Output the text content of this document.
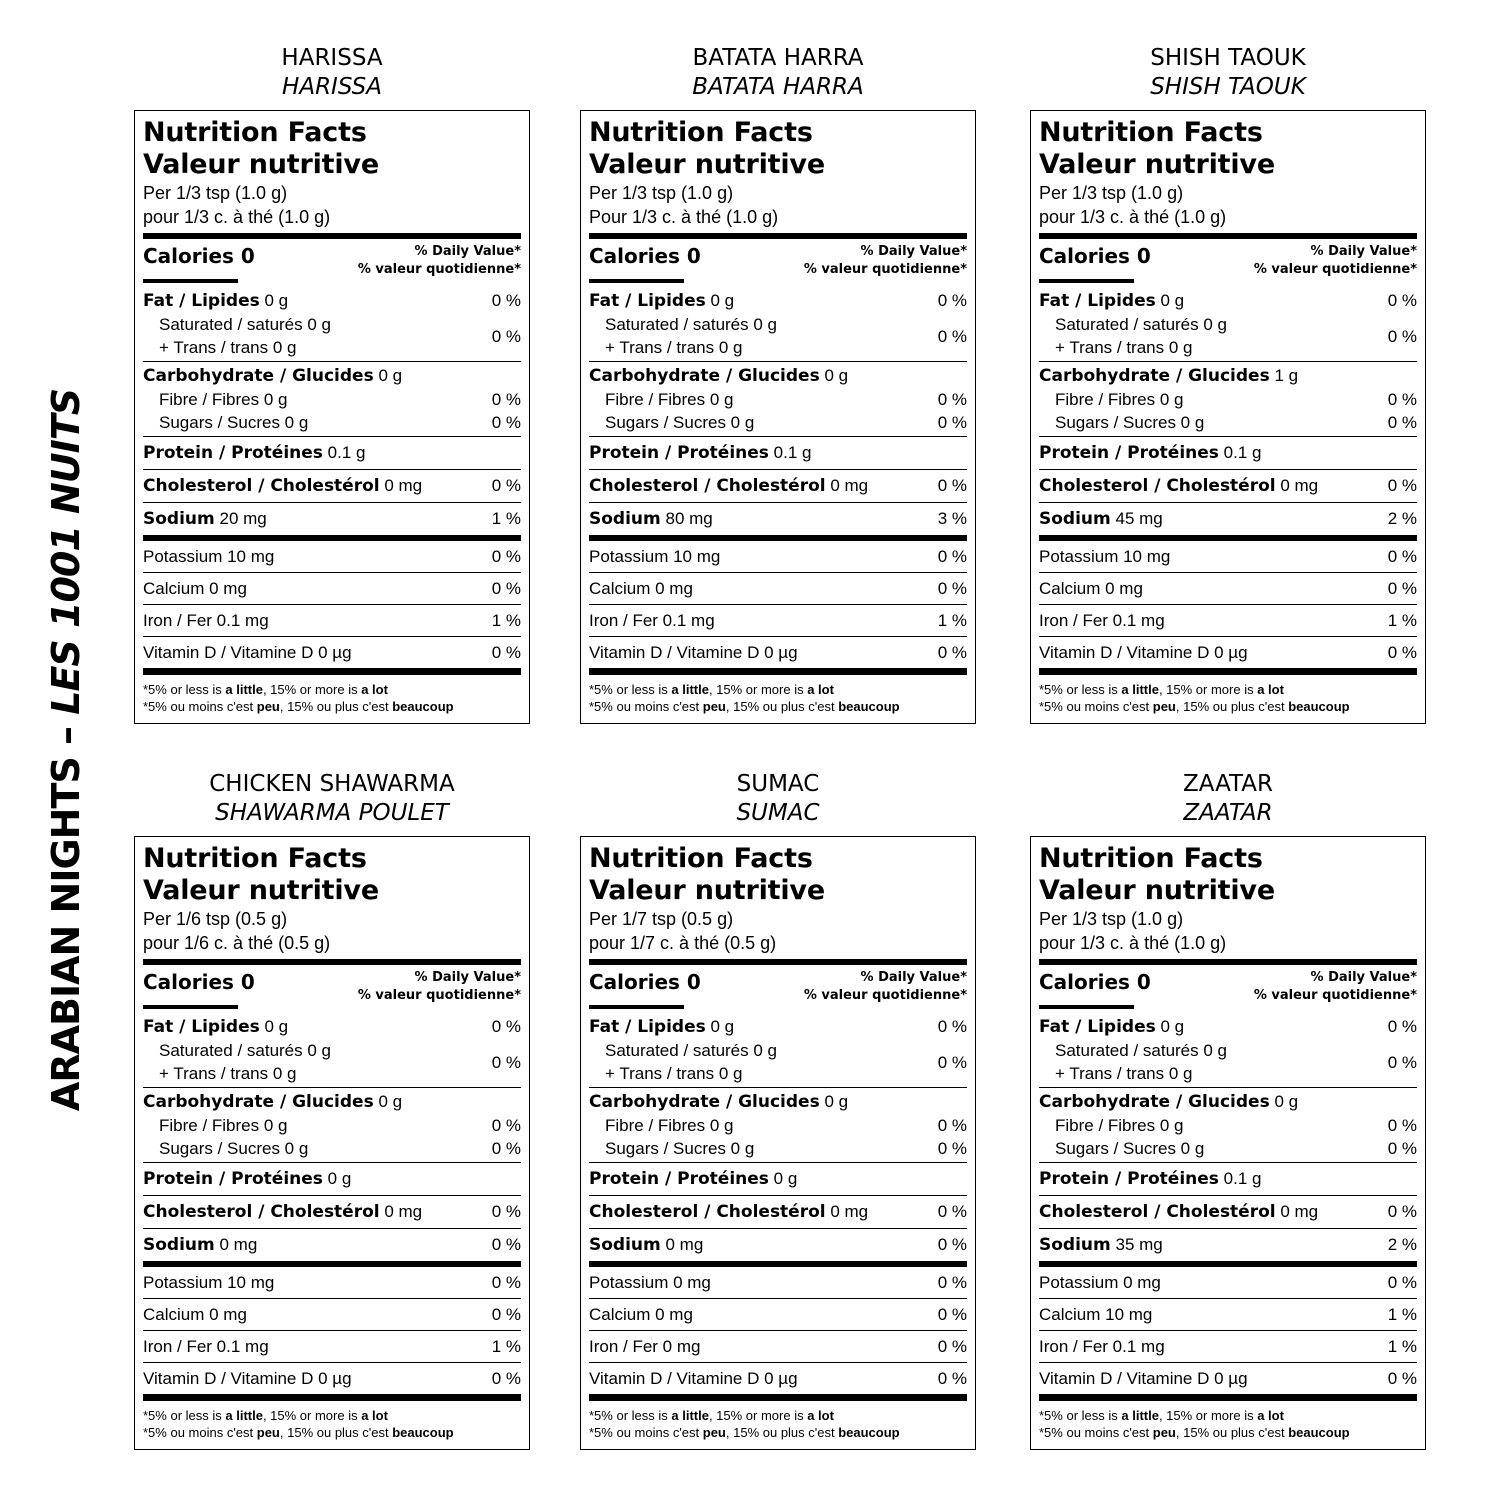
ARABIAN NIGHTS – LES 1001 NUITS
HARISSA
HARISSA
Nutrition Facts
Valeur nutritive
Per 1/3 tsp (1.0 g)
pour 1/3 c. à thé (1.0 g)
Calories 0	% Daily Value*
% valeur quotidienne*
Fat / Lipides 0 g	0 %
Saturated / saturés 0 g
+ Trans / trans 0 g
0 %
Carbohydrate / Glucides 0 g
Fibre / Fibres 0 g	0 %
Sugars / Sucres 0 g	0 %
Protein / Protéines 0.1 g
Cholesterol / Cholestérol 0 mg	0 %
Sodium 20 mg	1 %
Potassium 10 mg	0 %
Calcium 0 mg	0 %
Iron / Fer 0.1 mg	1 %
Vitamin D / Vitamine D 0 µg	0 %
*5% or less is a little, 15% or more is a lot
*5% ou moins c'est peu, 15% ou plus c'est beaucoup
BATATA HARRA
BATATA HARRA
Nutrition Facts
Valeur nutritive
Per 1/3 tsp (1.0 g)
Pour 1/3 c. à thé (1.0 g)
Calories 0	% Daily Value*
% valeur quotidienne*
Fat / Lipides 0 g	0 %
Saturated / saturés 0 g
+ Trans / trans 0 g
0 %
Carbohydrate / Glucides 0 g
Fibre / Fibres 0 g	0 %
Sugars / Sucres 0 g	0 %
Protein / Protéines 0.1 g
Cholesterol / Cholestérol 0 mg	0 %
Sodium 80 mg	3 %
Potassium 10 mg	0 %
Calcium 0 mg	0 %
Iron / Fer 0.1 mg	1 %
Vitamin D / Vitamine D 0 µg	0 %
*5% or less is a little, 15% or more is a lot
*5% ou moins c'est peu, 15% ou plus c'est beaucoup
SHISH TAOUK
SHISH TAOUK
Nutrition Facts
Valeur nutritive
Per 1/3 tsp (1.0 g)
pour 1/3 c. à thé (1.0 g)
Calories 0	% Daily Value*
% valeur quotidienne*
Fat / Lipides 0 g	0 %
Saturated / saturés 0 g
+ Trans / trans 0 g
0 %
Carbohydrate / Glucides 1 g
Fibre / Fibres 0 g	0 %
Sugars / Sucres 0 g	0 %
Protein / Protéines 0.1 g
Cholesterol / Cholestérol 0 mg	0 %
Sodium 45 mg	2 %
Potassium 10 mg	0 %
Calcium 0 mg	0 %
Iron / Fer 0.1 mg	1 %
Vitamin D / Vitamine D 0 µg	0 %
*5% or less is a little, 15% or more is a lot
*5% ou moins c'est peu, 15% ou plus c'est beaucoup
CHICKEN SHAWARMA
SHAWARMA POULET
Nutrition Facts
Valeur nutritive
Per 1/6 tsp (0.5 g)
pour 1/6 c. à thé (0.5 g)
Calories 0	% Daily Value*
% valeur quotidienne*
Fat / Lipides 0 g	0 %
Saturated / saturés 0 g
+ Trans / trans 0 g
0 %
Carbohydrate / Glucides 0 g
Fibre / Fibres 0 g	0 %
Sugars / Sucres 0 g	0 %
Protein / Protéines 0 g
Cholesterol / Cholestérol 0 mg	0 %
Sodium 0 mg	0 %
Potassium 10 mg	0 %
Calcium 0 mg	0 %
Iron / Fer 0.1 mg	1 %
Vitamin D / Vitamine D 0 µg	0 %
*5% or less is a little, 15% or more is a lot
*5% ou moins c'est peu, 15% ou plus c'est beaucoup
SUMAC
SUMAC
Nutrition Facts
Valeur nutritive
Per 1/7 tsp (0.5 g)
pour 1/7 c. à thé (0.5 g)
Calories 0	% Daily Value*
% valeur quotidienne*
Fat / Lipides 0 g	0 %
Saturated / saturés 0 g
+ Trans / trans 0 g
0 %
Carbohydrate / Glucides 0 g
Fibre / Fibres 0 g	0 %
Sugars / Sucres 0 g	0 %
Protein / Protéines 0 g
Cholesterol / Cholestérol 0 mg	0 %
Sodium 0 mg	0 %
Potassium 0 mg	0 %
Calcium 0 mg	0 %
Iron / Fer 0 mg	0 %
Vitamin D / Vitamine D 0 µg	0 %
*5% or less is a little, 15% or more is a lot
*5% ou moins c'est peu, 15% ou plus c'est beaucoup
ZAATAR
ZAATAR
Nutrition Facts
Valeur nutritive
Per 1/3 tsp (1.0 g)
pour 1/3 c. à thé (1.0 g)
Calories 0	% Daily Value*
% valeur quotidienne*
Fat / Lipides 0 g	0 %
Saturated / saturés 0 g
+ Trans / trans 0 g
0 %
Carbohydrate / Glucides 0 g
Fibre / Fibres 0 g	0 %
Sugars / Sucres 0 g	0 %
Protein / Protéines 0.1 g
Cholesterol / Cholestérol 0 mg	0 %
Sodium 35 mg	2 %
Potassium 0 mg	0 %
Calcium 10 mg	1 %
Iron / Fer 0.1 mg	1 %
Vitamin D / Vitamine D 0 µg	0 %
*5% or less is a little, 15% or more is a lot
*5% ou moins c'est peu, 15% ou plus c'est beaucoup
